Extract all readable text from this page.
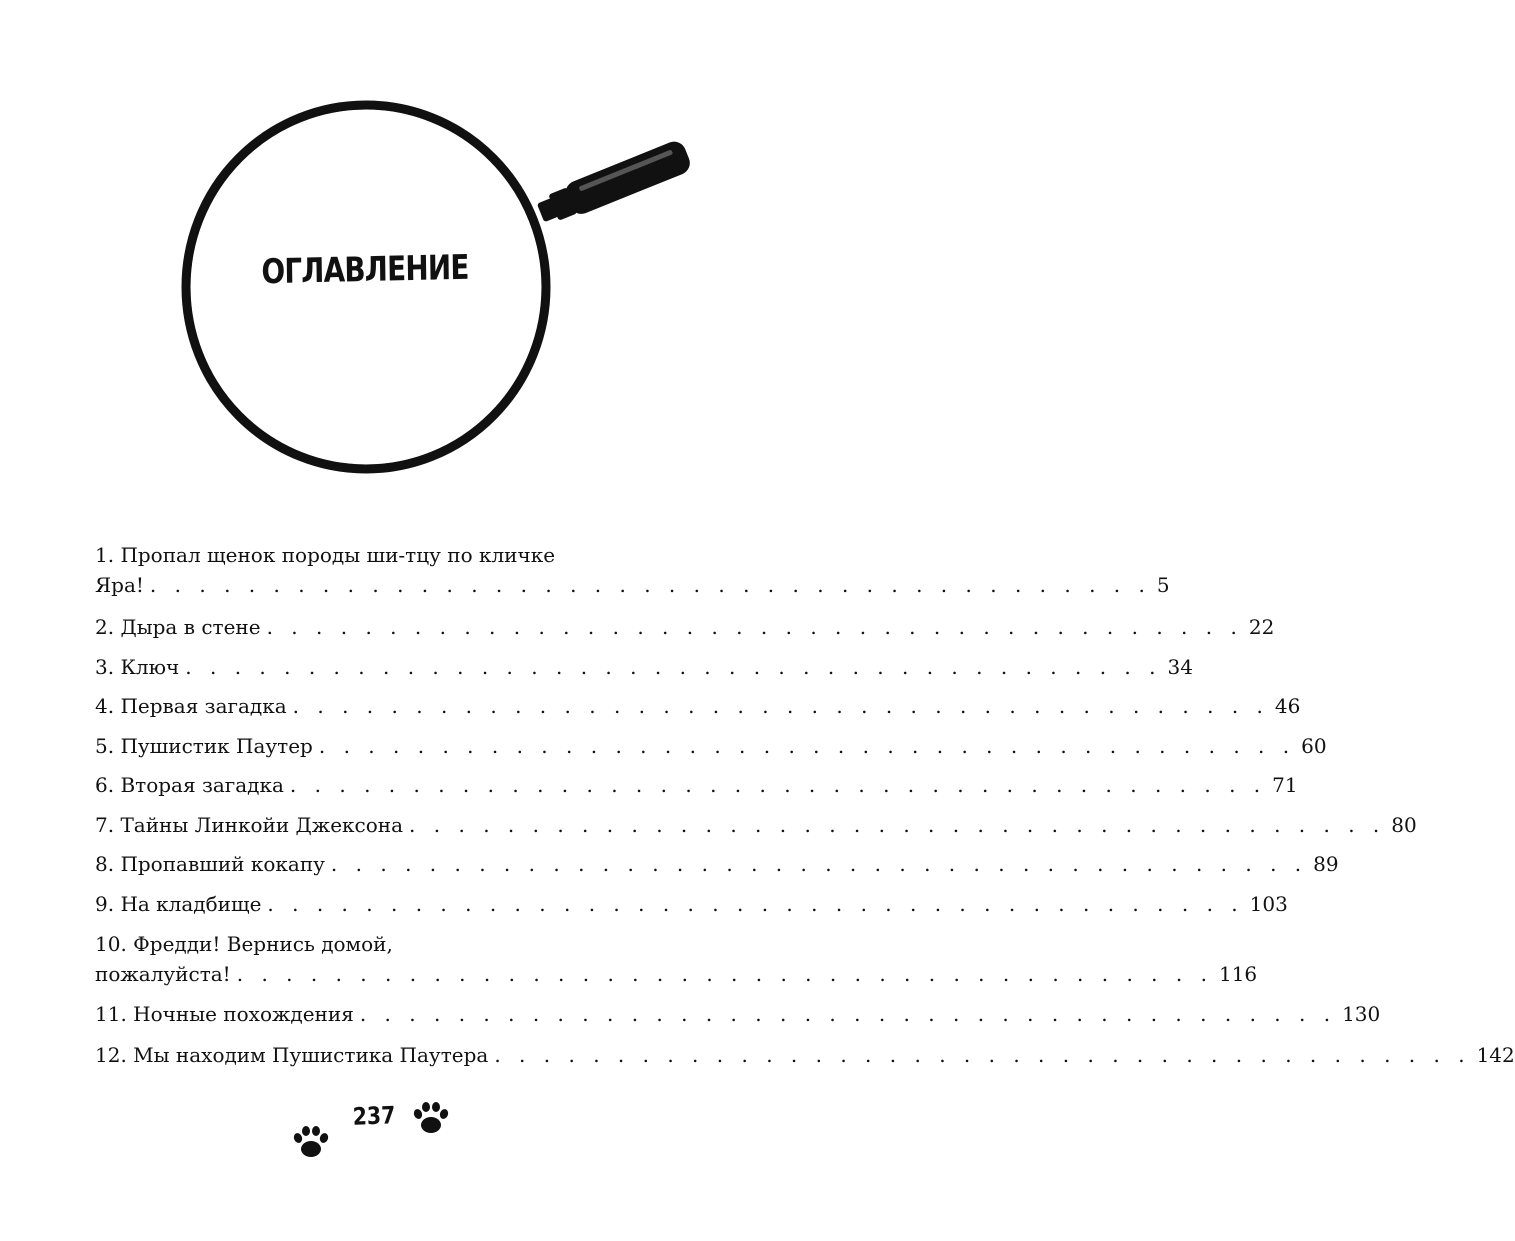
ОГЛАВЛЕНИЕ
1. Пропал щенок породы ши-тцу по кличке
Яра! . . . . . . . . . . . . . . . . . . . . . . . . . . . . . . . . . . . . . . . . . 5
2. Дыра в стене . . . . . . . . . . . . . . . . . . . . . . . . . . . . . . . . . . . . . . . . 22
3. Ключ . . . . . . . . . . . . . . . . . . . . . . . . . . . . . . . . . . . . . . . . 34
4. Первая загадка . . . . . . . . . . . . . . . . . . . . . . . . . . . . . . . . . . . . . . . . 46
5. Пушистик Паутер . . . . . . . . . . . . . . . . . . . . . . . . . . . . . . . . . . . . . . . . 60
6. Вторая загадка . . . . . . . . . . . . . . . . . . . . . . . . . . . . . . . . . . . . . . . . 71
7. Тайны Линкойи Джексона . . . . . . . . . . . . . . . . . . . . . . . . . . . . . . . . . . . . . . . . 80
8. Пропавший кокапу . . . . . . . . . . . . . . . . . . . . . . . . . . . . . . . . . . . . . . . . 89
9. На кладбище . . . . . . . . . . . . . . . . . . . . . . . . . . . . . . . . . . . . . . . . 103
10. Фредди! Вернись домой,
пожалуйста! . . . . . . . . . . . . . . . . . . . . . . . . . . . . . . . . . . . . . . . . 116
11. Ночные похождения . . . . . . . . . . . . . . . . . . . . . . . . . . . . . . . . . . . . . . . . 130
12. Мы находим Пушистика Паутера . . . . . . . . . . . . . . . . . . . . . . . . . . . . . . . . . . . . . . . . 142
237
